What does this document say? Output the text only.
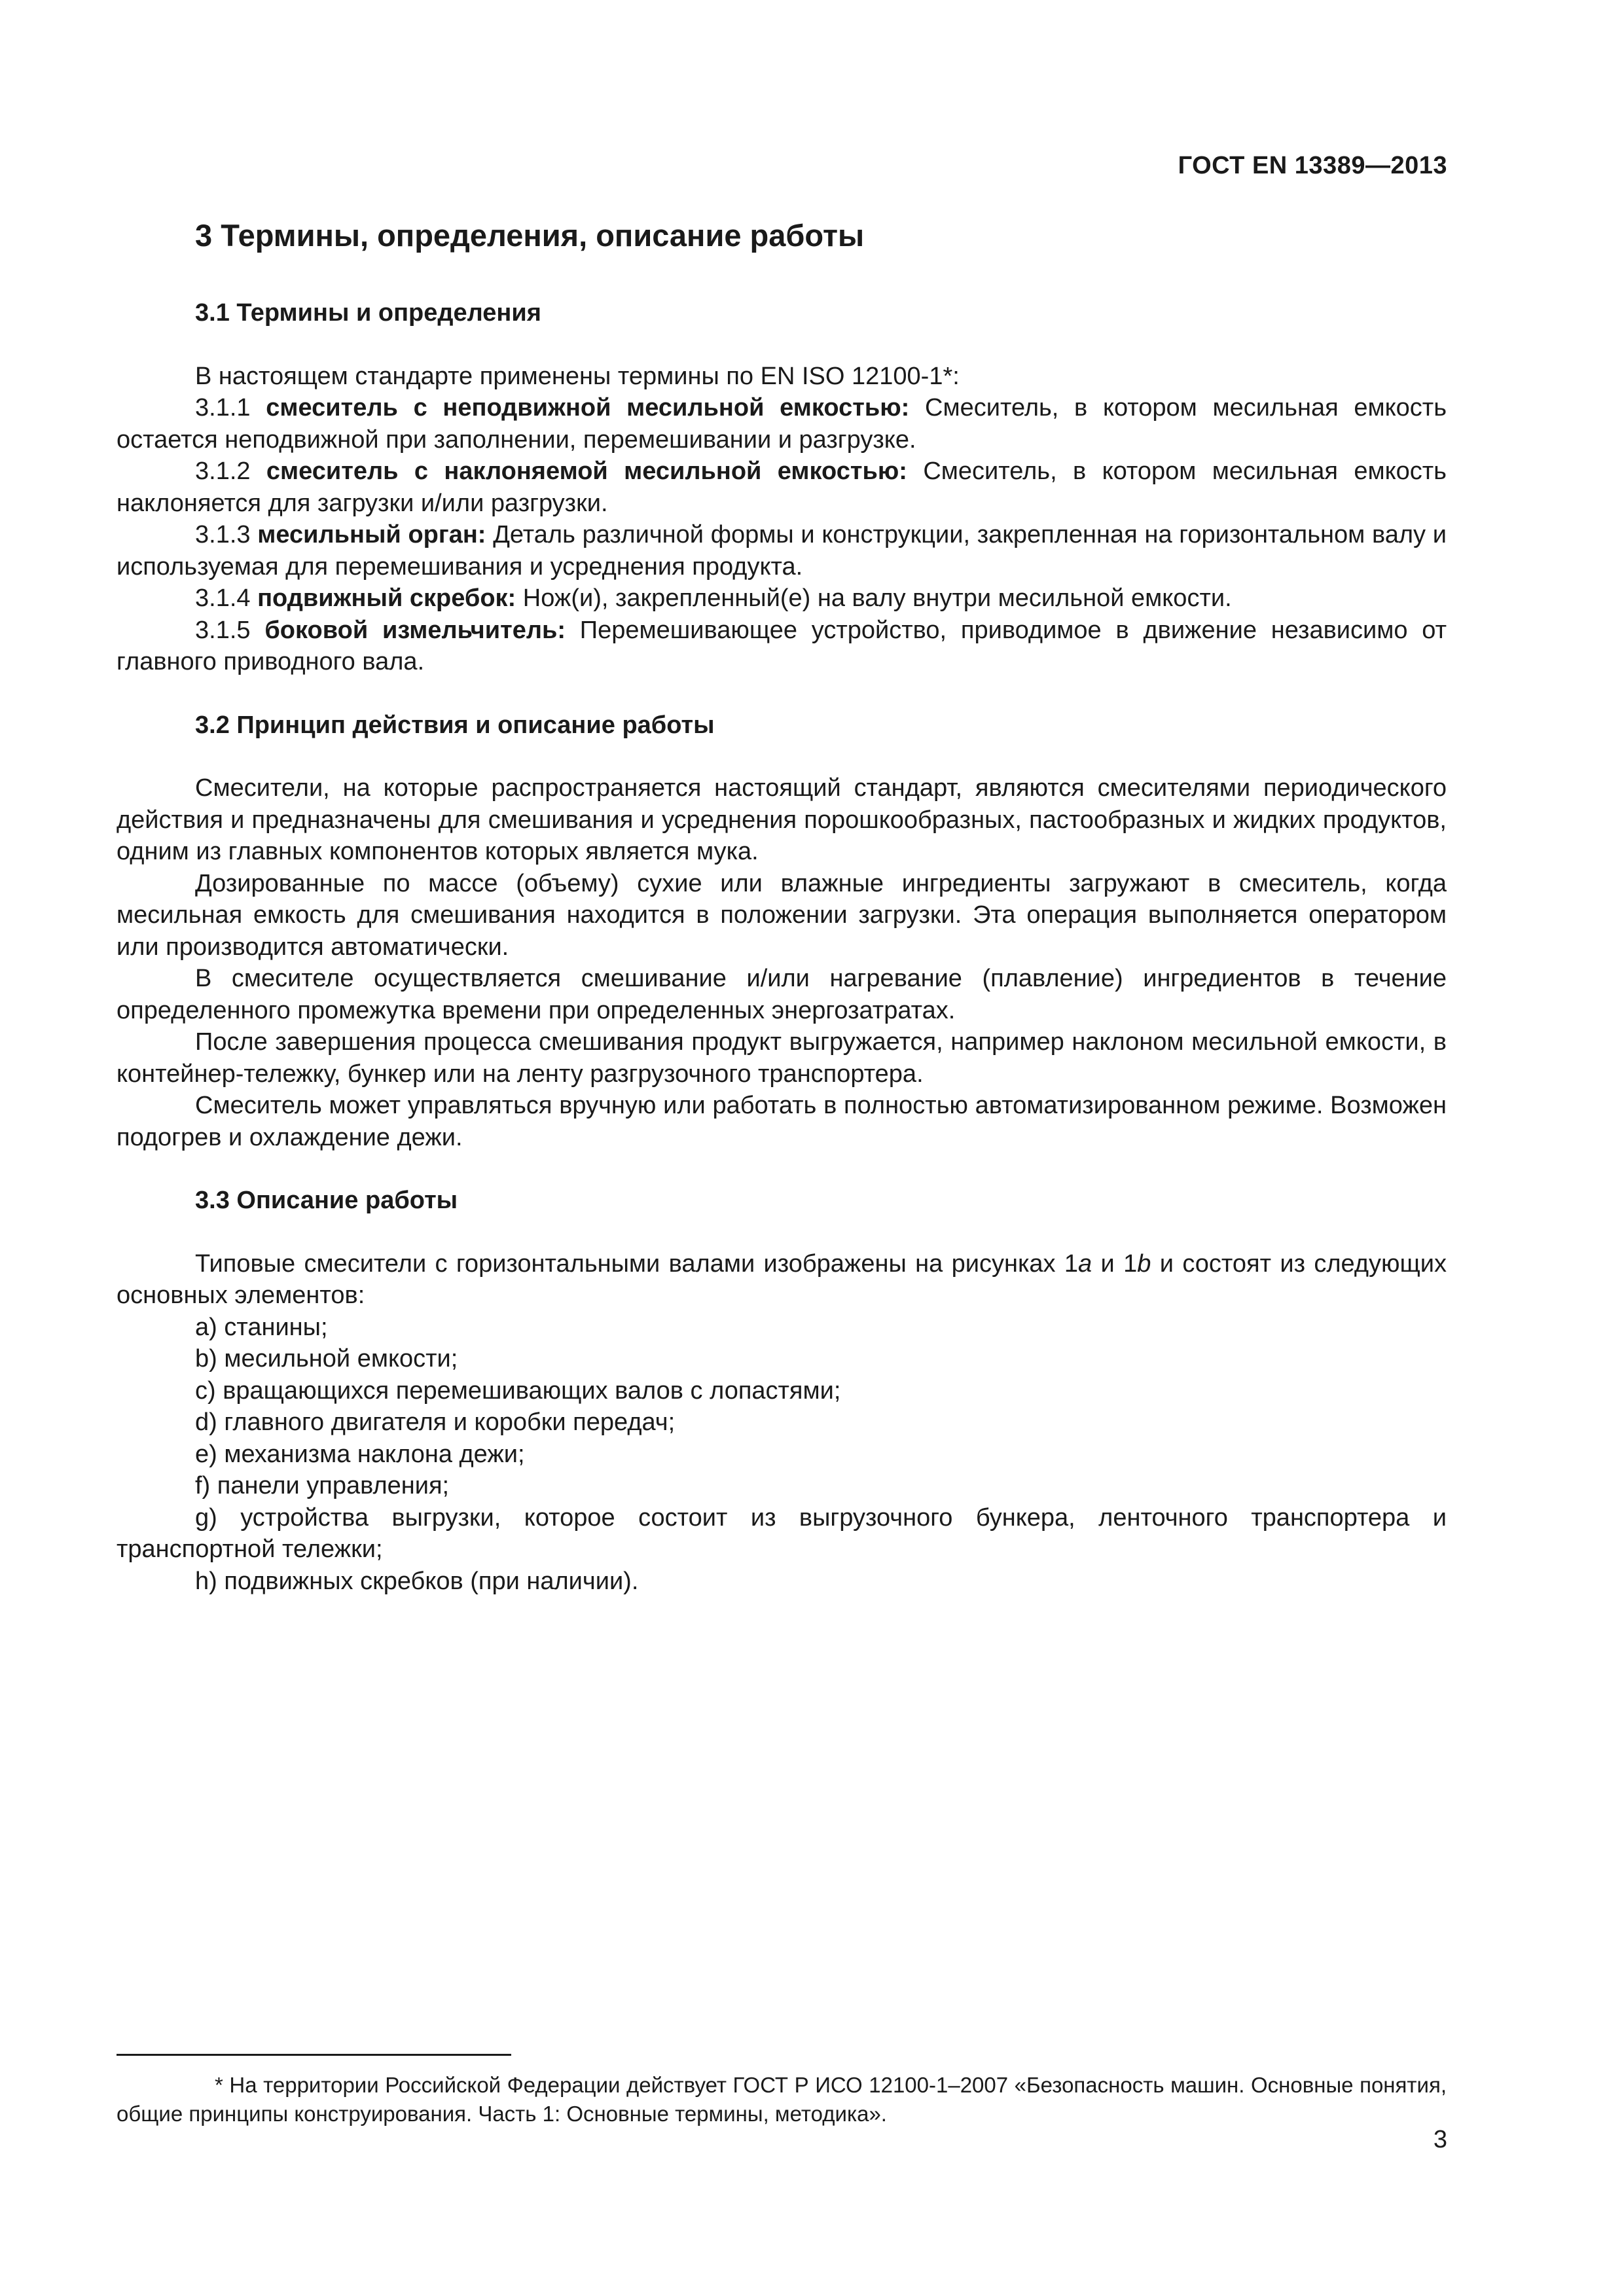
ГОСТ EN 13389—2013

3 Термины, определения, описание работы

3.1 Термины и определения

В настоящем стандарте применены термины по EN ISO 12100-1*:

3.1.1 смеситель с неподвижной месильной емкостью: Смеситель, в котором месильная емкость остается неподвижной при заполнении, перемешивании и разгрузке.

3.1.2 смеситель с наклоняемой месильной емкостью: Смеситель, в котором месильная емкость наклоняется для загрузки и/или разгрузки.

3.1.3 месильный орган: Деталь различной формы и конструкции, закрепленная на горизонтальном валу и используемая для перемешивания и усреднения продукта.

3.1.4 подвижный скребок: Нож(и), закрепленный(е) на валу внутри месильной емкости.

3.1.5 боковой измельчитель: Перемешивающее устройство, приводимое в движение независимо от главного приводного вала.

3.2 Принцип действия и описание работы

Смесители, на которые распространяется настоящий стандарт, являются смесителями периодического действия и предназначены для смешивания и усреднения порошкообразных, пастообразных и жидких продуктов, одним из главных компонентов которых является мука.

Дозированные по массе (объему) сухие или влажные ингредиенты загружают в смеситель, когда месильная емкость для смешивания находится в положении загрузки. Эта операция выполняется оператором или производится автоматически.

В смесителе осуществляется смешивание и/или нагревание (плавление) ингредиентов в течение определенного промежутка времени при определенных энергозатратах.

После завершения процесса смешивания продукт выгружается, например наклоном месильной емкости, в контейнер-тележку, бункер или на ленту разгрузочного транспортера.

Смеситель может управляться вручную или работать в полностью автоматизированном режиме. Возможен подогрев и охлаждение дежи.

3.3 Описание работы

Типовые смесители с горизонтальными валами изображены на рисунках 1a и 1b и состоят из следующих основных элементов:

a) станины;

b) месильной емкости;

c) вращающихся перемешивающих валов с лопастями;

d) главного двигателя и коробки передач;

e) механизма наклона дежи;

f) панели управления;

g) устройства выгрузки, которое состоит из выгрузочного бункера, ленточного транспортера и транспортной тележки;

h) подвижных скребков (при наличии).

* На территории Российской Федерации действует ГОСТ Р ИСО 12100-1–2007 «Безопасность машин. Основные понятия, общие принципы конструирования. Часть 1: Основные термины, методика».

3
